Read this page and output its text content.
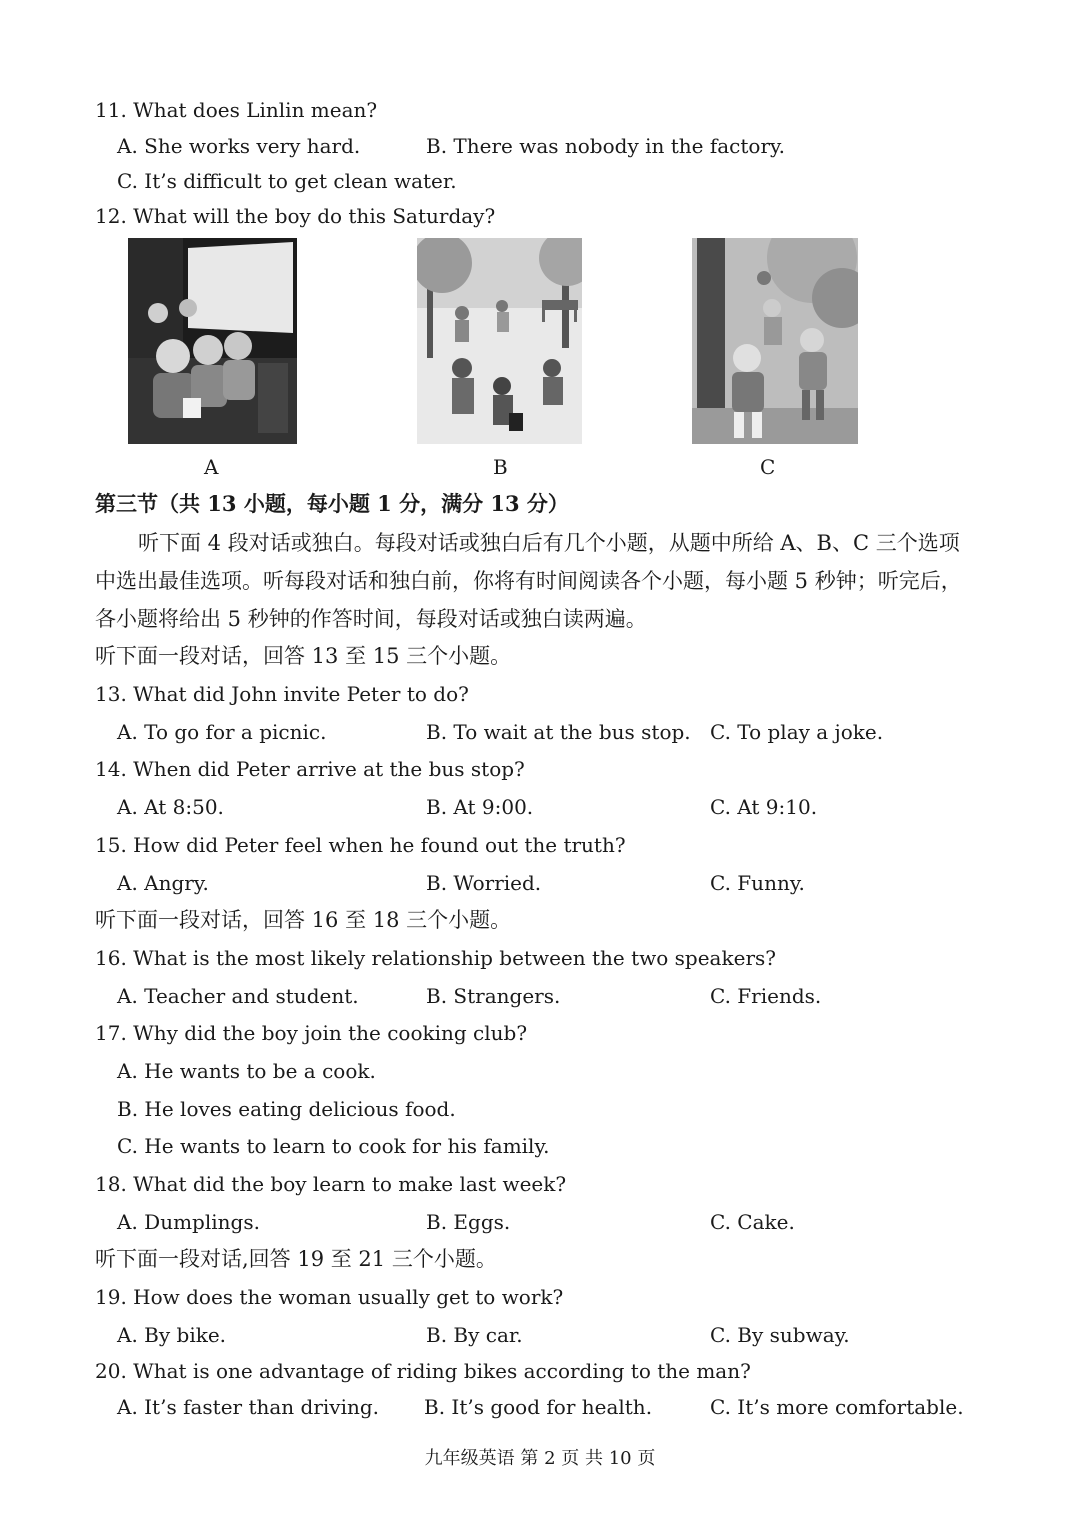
11. What does Linlin mean?
A. She works very hard.	B. There was nobody in the factory.
C. It’s difficult to get clean water.
12. What will the boy do this Saturday?
A	B	C
第三节（共 13 小题，每小题 1 分，满分 13 分）
听下面 4 段对话或独白。每段对话或独白后有几个小题，从题中所给 A、B、C 三个选项
中选出最佳选项。听每段对话和独白前，你将有时间阅读各个小题，每小题 5 秒钟；听完后，
各小题将给出 5 秒钟的作答时间，每段对话或独白读两遍。
听下面一段对话，回答 13 至 15 三个小题。
13. What did John invite Peter to do?
A. To go for a picnic.	B. To wait at the bus stop. C. To play a joke.
14. When did Peter arrive at the bus stop?
A. At 8:50.	B. At 9:00.	C. At 9:10.
15. How did Peter feel when he found out the truth?
A. Angry.	B. Worried.	C. Funny.
听下面一段对话，回答 16 至 18 三个小题。
16. What is the most likely relationship between the two speakers?
A. Teacher and student.	B. Strangers.	C. Friends.
17. Why did the boy join the cooking club?
A. He wants to be a cook.
B. He loves eating delicious food.
C. He wants to learn to cook for his family.
18. What did the boy learn to make last week?
A. Dumplings.	B. Eggs.	C. Cake.
听下面一段对话,回答 19 至 21 三个小题。
19. How does the woman usually get to work?
A. By bike.	B. By car.	C. By subway.
20. What is one advantage of riding bikes according to the man?
A. It’s faster than driving. B. It’s good for health.	C. It’s more comfortable.
九年级英语 第 2 页 共 10 页
